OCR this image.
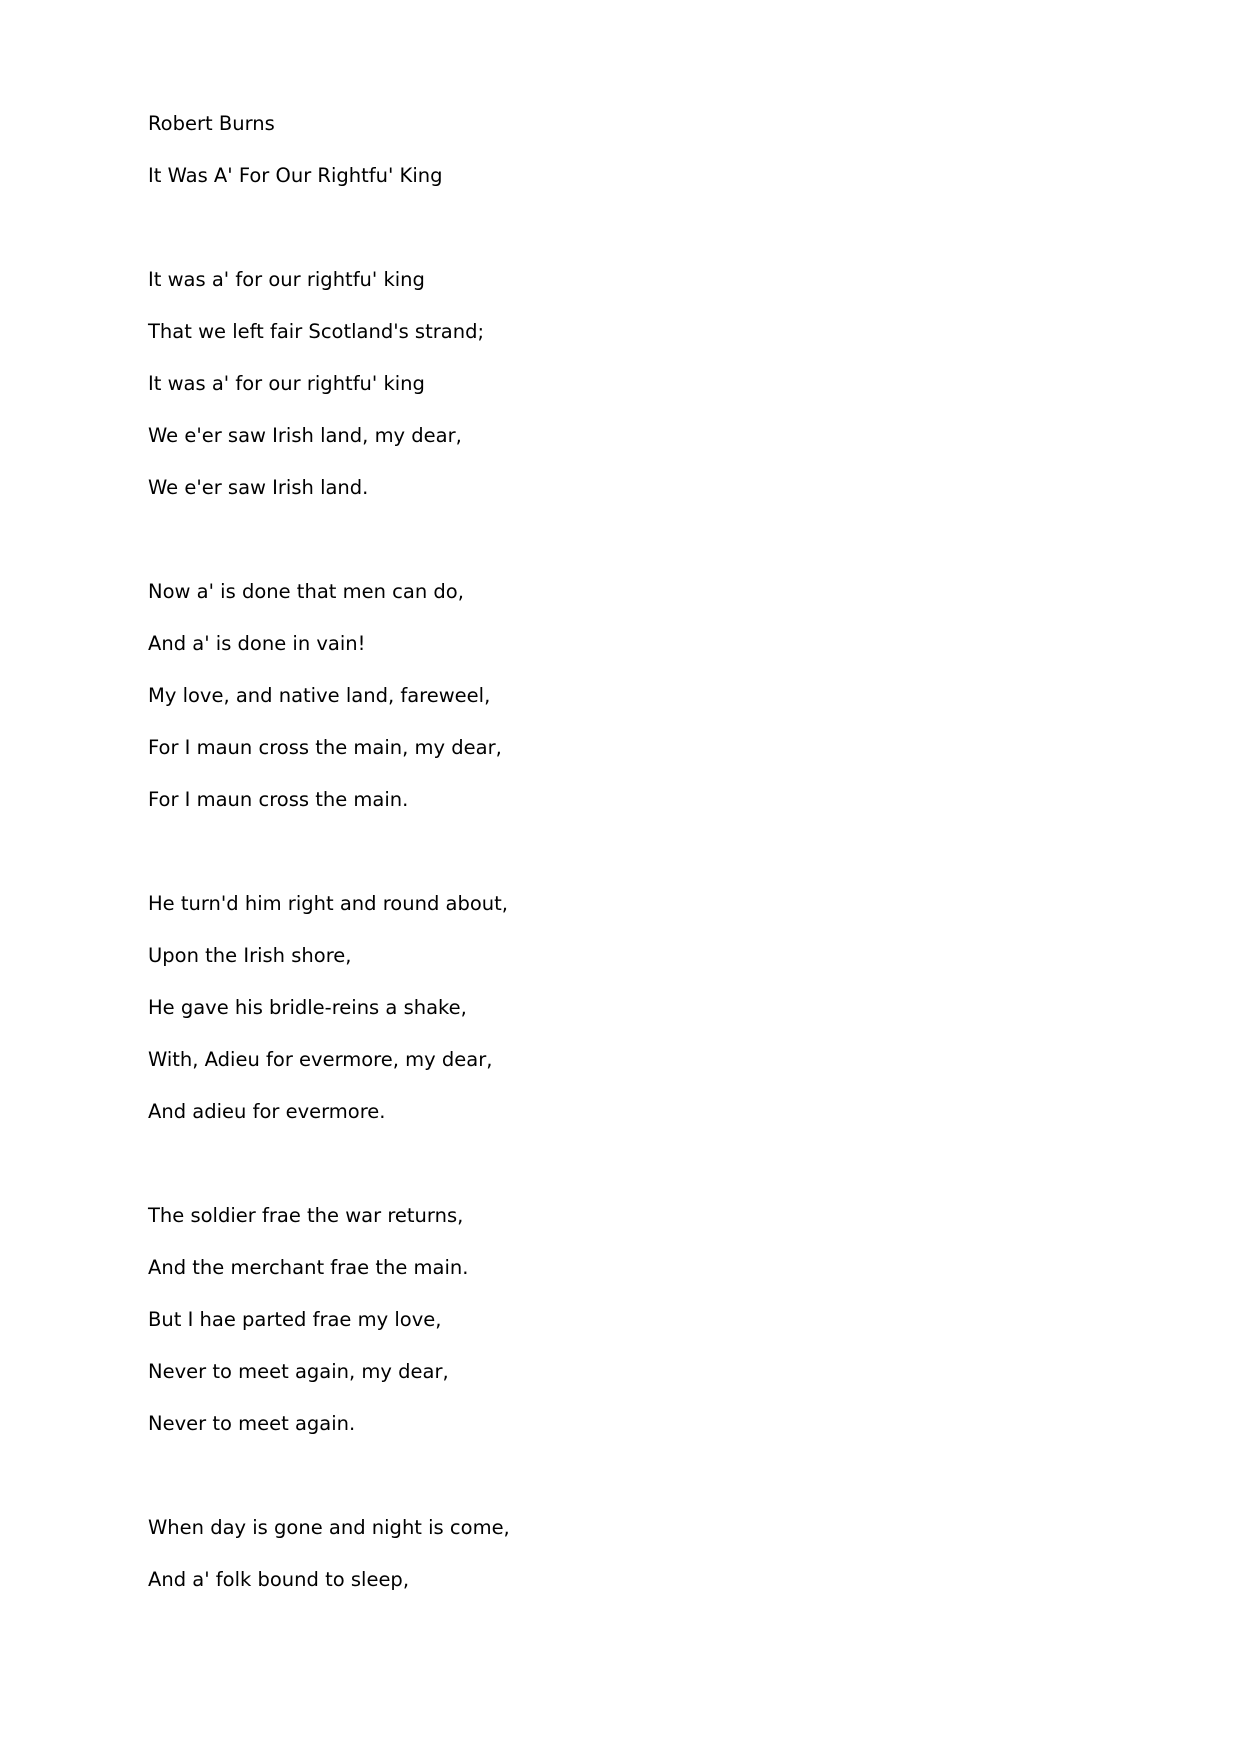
Robert Burns
It Was A' For Our Rightfu' King
It was a' for our rightfu' king
That we left fair Scotland's strand;
It was a' for our rightfu' king
We e'er saw Irish land, my dear,
We e'er saw Irish land.
Now a' is done that men can do,
And a' is done in vain!
My love, and native land, fareweel,
For I maun cross the main, my dear,
For I maun cross the main.
He turn'd him right and round about,
Upon the Irish shore,
He gave his bridle-reins a shake,
With, Adieu for evermore, my dear,
And adieu for evermore.
The soldier frae the war returns,
And the merchant frae the main.
But I hae parted frae my love,
Never to meet again, my dear,
Never to meet again.
When day is gone and night is come,
And a' folk bound to sleep,
